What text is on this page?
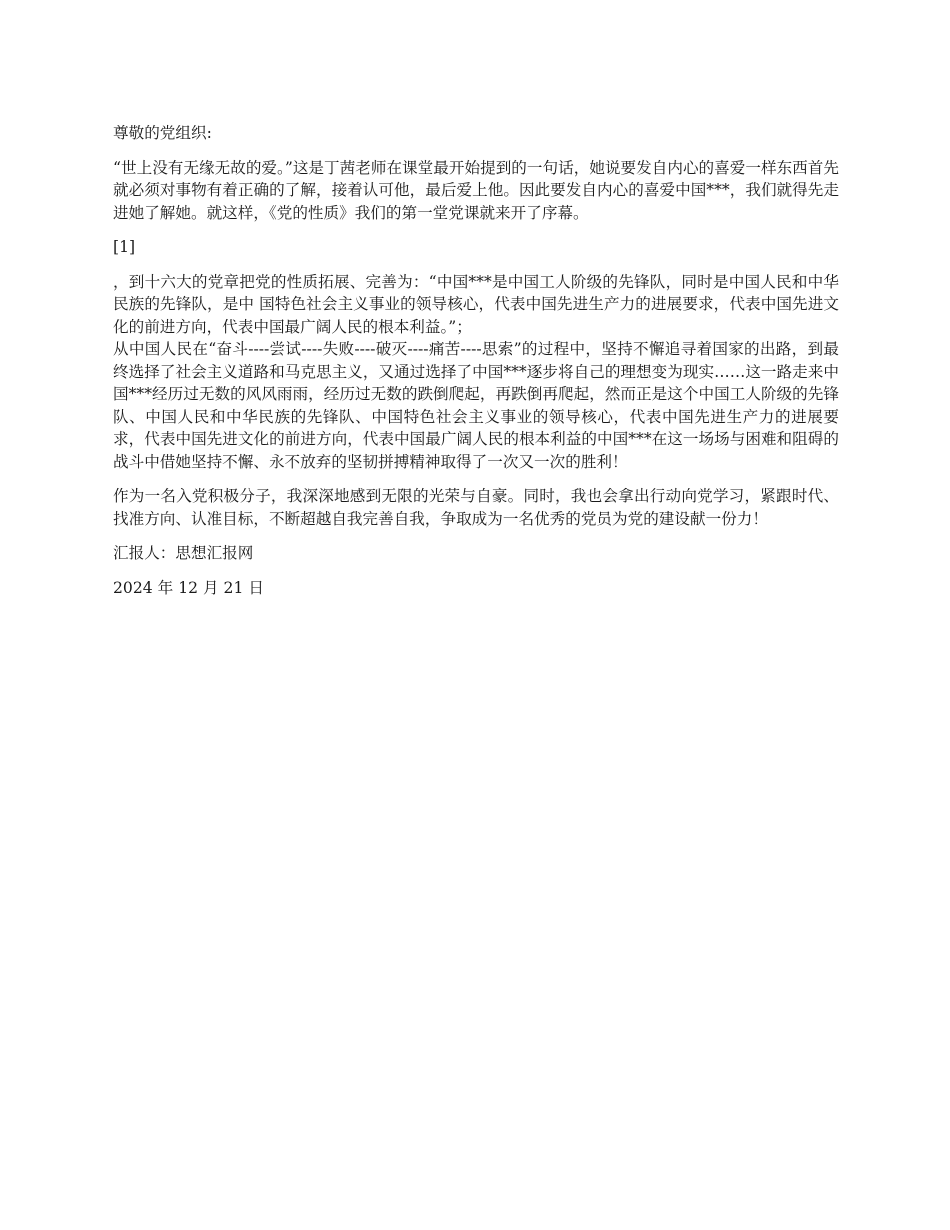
尊敬的党组织:

“世上没有无缘无故的爱。”这是丁茜老师在课堂最开始提到的一句话，她说要发自内心的喜爱一样东西首先就必须对事物有着正确的了解，接着认可他，最后爱上他。因此要发自内心的喜爱中国***，我们就得先走进她了解她。就这样，《党的性质》我们的第一堂党课就来开了序幕。

[1]

，到十六大的党章把党的性质拓展、完善为：“中国***是中国工人阶级的先锋队，同时是中国人民和中华民族的先锋队，是中 国特色社会主义事业的领导核心，代表中国先进生产力的进展要求，代表中国先进文化的前进方向，代表中国最广阔人民的根本利益。”；

从中国人民在“奋斗----尝试----失败----破灭----痛苦----思索”的过程中，坚持不懈追寻着国家的出路，到最终选择了社会主义道路和马克思主义，又通过选择了中国***逐步将自己的理想变为现实……这一路走来中国***经历过无数的风风雨雨，经历过无数的跌倒爬起，再跌倒再爬起，然而正是这个中国工人阶级的先锋队、中国人民和中华民族的先锋队、中国特色社会主义事业的领导核心，代表中国先进生产力的进展要求，代表中国先进文化的前进方向，代表中国最广阔人民的根本利益的中国***在这一场场与困难和阻碍的战斗中借她坚持不懈、永不放弃的坚韧拼搏精神取得了一次又一次的胜利！

作为一名入党积极分子，我深深地感到无限的光荣与自豪。同时，我也会拿出行动向党学习，紧跟时代、找准方向、认准目标，不断超越自我完善自我，争取成为一名优秀的党员为党的建设献一份力！

汇报人：思想汇报网

2024 年 12 月 21 日
